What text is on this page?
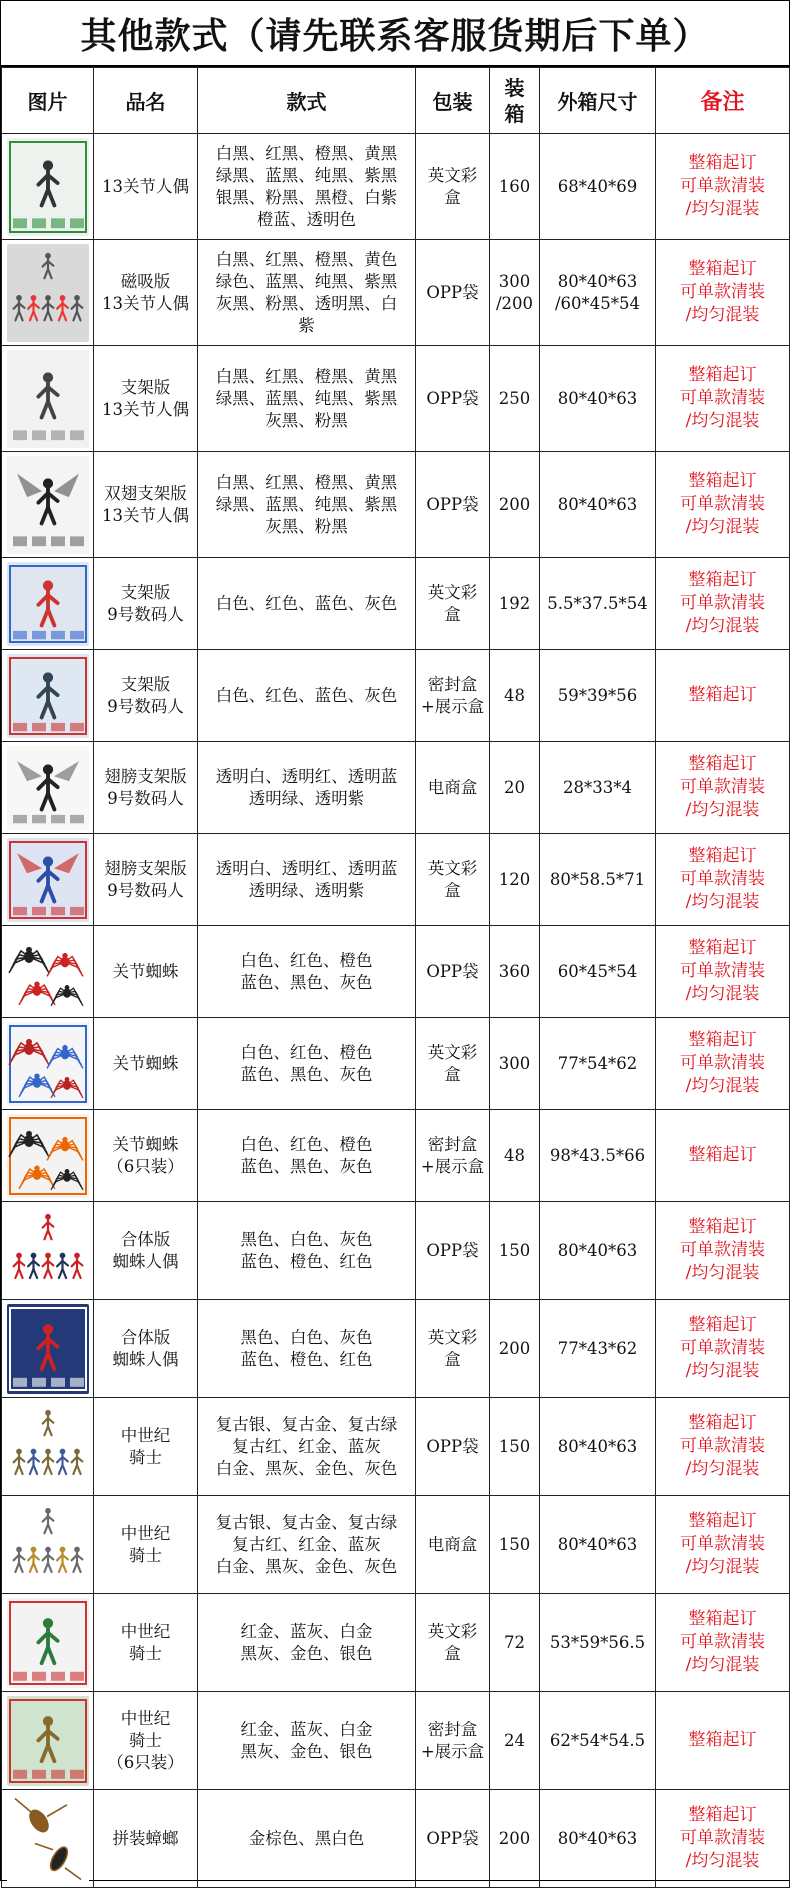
其他款式（请先联系客服货期后下单）
图片	品名	款式	包装	装箱	外箱尺寸	备注

	13关节人偶	白黑、红黑、橙黑、黄黑
绿黑、蓝黑、纯黑、紫黑
银黑、粉黑、黑橙、白紫
橙蓝、透明色	英文彩
盒	160	68*40*69	整箱起订
可单款清装
/均匀混装

	磁吸版
13关节人偶	白黑、红黑、橙黑、黄色
绿色、蓝黑、纯黑、紫黑
灰黑、粉黑、透明黑、白
紫	OPP袋	300
/200	80*40*63
/60*45*54	整箱起订
可单款清装
/均匀混装

	支架版
13关节人偶	白黑、红黑、橙黑、黄黑
绿黑、蓝黑、纯黑、紫黑
灰黑、粉黑	OPP袋	250	80*40*63	整箱起订
可单款清装
/均匀混装

	双翅支架版
13关节人偶	白黑、红黑、橙黑、黄黑
绿黑、蓝黑、纯黑、紫黑
灰黑、粉黑	OPP袋	200	80*40*63	整箱起订
可单款清装
/均匀混装

	支架版
9号数码人	白色、红色、蓝色、灰色	英文彩
盒	192	5.5*37.5*54	整箱起订
可单款清装
/均匀混装

	支架版
9号数码人	白色、红色、蓝色、灰色	密封盒
+展示盒	48	59*39*56	整箱起订

	翅膀支架版
9号数码人	透明白、透明红、透明蓝
透明绿、透明紫	电商盒	20	28*33*4	整箱起订
可单款清装
/均匀混装

	翅膀支架版
9号数码人	透明白、透明红、透明蓝
透明绿、透明紫	英文彩
盒	120	80*58.5*71	整箱起订
可单款清装
/均匀混装

	关节蜘蛛	白色、红色、橙色
蓝色、黑色、灰色	OPP袋	360	60*45*54	整箱起订
可单款清装
/均匀混装

	关节蜘蛛	白色、红色、橙色
蓝色、黑色、灰色	英文彩
盒	300	77*54*62	整箱起订
可单款清装
/均匀混装

	关节蜘蛛
（6只装）	白色、红色、橙色
蓝色、黑色、灰色	密封盒
+展示盒	48	98*43.5*66	整箱起订

	合体版
蜘蛛人偶	黑色、白色、灰色
蓝色、橙色、红色	OPP袋	150	80*40*63	整箱起订
可单款清装
/均匀混装

	合体版
蜘蛛人偶	黑色、白色、灰色
蓝色、橙色、红色	英文彩
盒	200	77*43*62	整箱起订
可单款清装
/均匀混装

	中世纪
骑士	复古银、复古金、复古绿
复古红、红金、蓝灰
白金、黑灰、金色、灰色	OPP袋	150	80*40*63	整箱起订
可单款清装
/均匀混装

	中世纪
骑士	复古银、复古金、复古绿
复古红、红金、蓝灰
白金、黑灰、金色、灰色	电商盒	150	80*40*63	整箱起订
可单款清装
/均匀混装

	中世纪
骑士	红金、蓝灰、白金
黑灰、金色、银色	英文彩
盒	72	53*59*56.5	整箱起订
可单款清装
/均匀混装

	中世纪
骑士
（6只装）	红金、蓝灰、白金
黑灰、金色、银色	密封盒
+展示盒	24	62*54*54.5	整箱起订

	拼装蟑螂	金棕色、黑白色	OPP袋	200	80*40*63	整箱起订
可单款清装
/均匀混装
